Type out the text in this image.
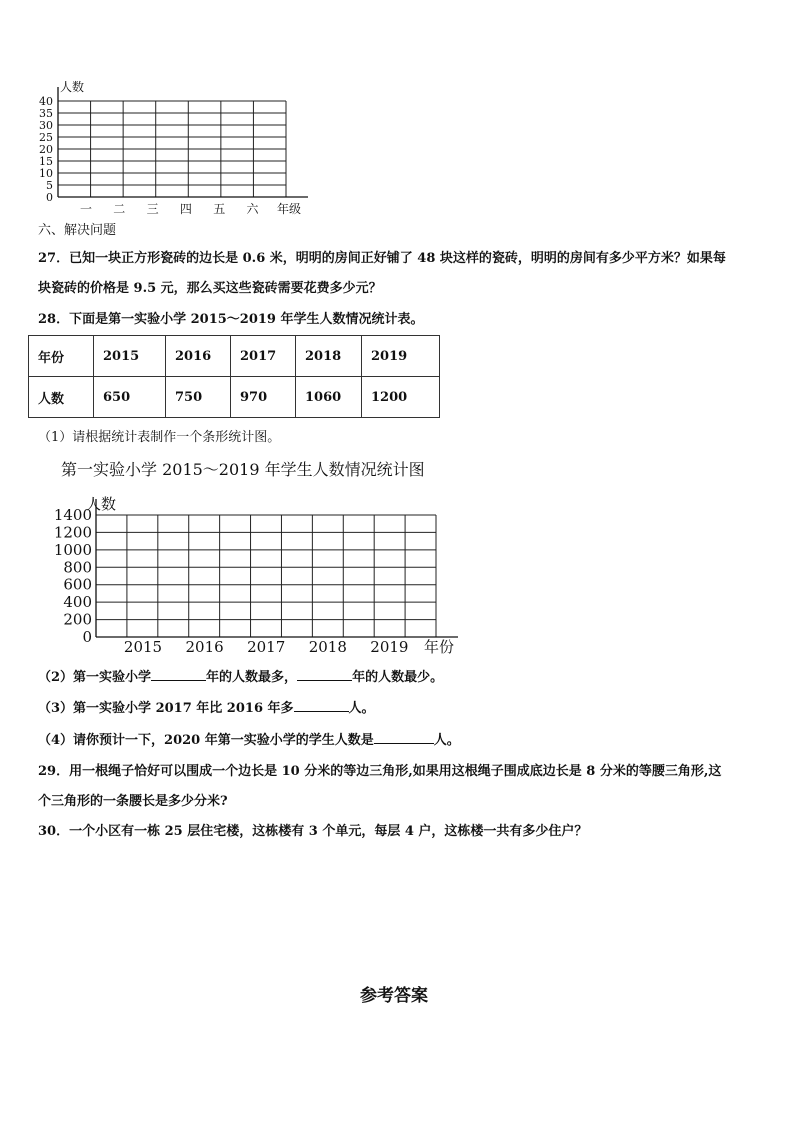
人数
40
35
30
25
20
15
10
5
0
一 二 三 四 五 六 年级
六、解决问题
27．已知一块正方形瓷砖的边长是 0.6 米，明明的房间正好铺了 48 块这样的瓷砖，明明的房间有多少平方米？如果每
块瓷砖的价格是 9.5 元，那么买这些瓷砖需要花费多少元？
28．下面是第一实验小学 2015～2019 年学生人数情况统计表。
年份	2015	2016	2017	2018	2019
人数	650	750	970	1060	1200
（1）请根据统计表制作一个条形统计图。
第一实验小学 2015～2019 年学生人数情况统计图
人数
1400
1200
1000
800
600
400
200
0
2015 2016 2017 2018 2019 年份
（2）第一实验小学	年的人数最多，	年的人数最少。
（3）第一实验小学 2017 年比 2016 年多	人。
（4）请你预计一下，2020 年第一实验小学的学生人数是	人。
29．用一根绳子恰好可以围成一个边长是 10 分米的等边三角形,如果用这根绳子围成底边长是 8 分米的等腰三角形,这
个三角形的一条腰长是多少分米?
30．一个小区有一栋 25 层住宅楼，这栋楼有 3 个单元，每层 4 户，这栋楼一共有多少住户？
参考答案
